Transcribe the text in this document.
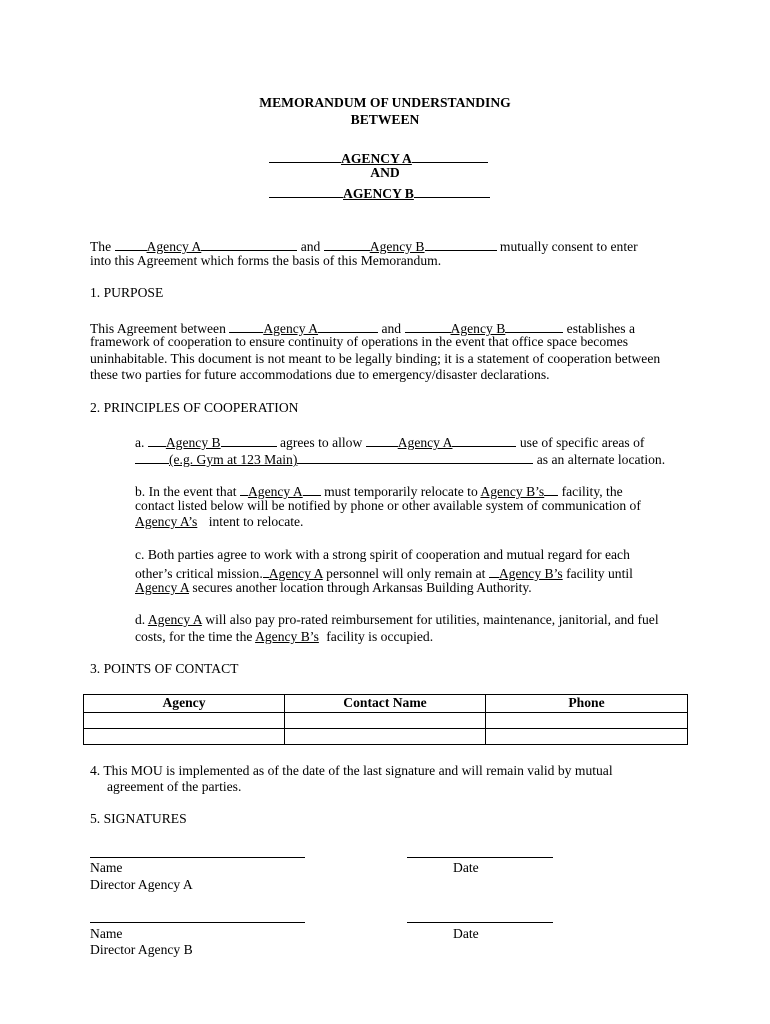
MEMORANDUM OF UNDERSTANDING
BETWEEN
AGENCY A
AND
AGENCY B
The	Agency A	and	Agency B	mutually consent to enter
into this Agreement which forms the basis of this Memorandum.
1. PURPOSE
This Agreement between	Agency A	and	Agency B	establishes a
framework of cooperation to ensure continuity of operations in the event that office space becomes
uninhabitable. This document is not meant to be legally binding; it is a statement of cooperation between
these two parties for future accommodations due to emergency/disaster declarations.
2. PRINCIPLES OF COOPERATION
a. Agency B	agrees to allow	Agency A	use of specific areas of
(e.g. Gym at 123 Main)	as an alternate location.
b. In the event that Agency A must temporarily relocate to Agency B’s facility, the
contact listed below will be notified by phone or other available system of communication of
Agency A’s intent to relocate.
c. Both parties agree to work with a strong spirit of cooperation and mutual regard for each
other’s critical mission. Agency A personnel will only remain at Agency B’s facility until
Agency A secures another location through Arkansas Building Authority.
d. Agency A will also pay pro-rated reimbursement for utilities, maintenance, janitorial, and fuel
costs, for the time the Agency B’s facility is occupied.
3. POINTS OF CONTACT
Agency	Contact Name	Phone

4. This MOU is implemented as of the date of the last signature and will remain valid by mutual
agreement of the parties.
5. SIGNATURES
Name	Date
Director Agency A
Name	Date
Director Agency B
